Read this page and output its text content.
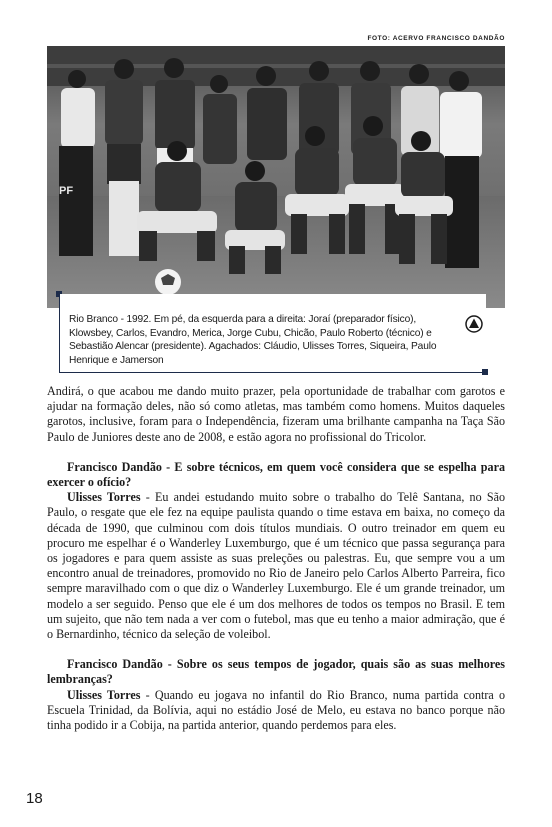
FOTO: ACERVO FRANCISCO DANDÃO
PF
Rio Branco - 1992. Em pé, da esquerda para a direita: Joraí (preparador físico), Klowsbey, Carlos, Evandro, Merica, Jorge Cubu, Chicão, Paulo Roberto (técnico) e Sebastião Alencar (presidente). Agachados: Cláudio, Ulisses Torres, Siqueira, Paulo Henrique e Jamerson

Andirá, o que acabou me dando muito prazer, pela oportunidade de trabalhar com garotos e ajudar na formação deles, não só como atletas, mas também como homens. Muitos daqueles garotos, inclusive, foram para o Independência, fizeram uma brilhante campanha na Taça São Paulo de Juniores deste ano de 2008, e estão agora no profissional do Tricolor.

Francisco Dandão - E sobre técnicos, em quem você considera que se espelha para exercer o ofício?

Ulisses Torres - Eu andei estudando muito sobre o trabalho do Telê Santana, no São Paulo, o resgate que ele fez na equipe paulista quando o time estava em baixa, no começo da década de 1990, que culminou com dois títulos mundiais. O outro treinador em quem eu procuro me espelhar é o Wanderley Luxemburgo, que é um técnico que passa segurança para os jogadores e para quem assiste as suas preleções ou palestras. Eu, que sempre vou a um encontro anual de treinadores, promovido no Rio de Janeiro pelo Carlos Alberto Parreira, fico sempre maravilhado com o que diz o Wanderley Luxemburgo. Ele é um grande treinador, um modelo a ser seguido. Penso que ele é um dos melhores de todos os tempos no Brasil. E tem um sujeito, que não tem nada a ver com o futebol, mas que eu tenho a maior admiração, que é o Bernardinho, técnico da seleção de voleibol.

Francisco Dandão - Sobre os seus tempos de jogador, quais são as suas melhores lembranças?

Ulisses Torres - Quando eu jogava no infantil do Rio Branco, numa partida contra o Escuela Trinidad, da Bolívia, aqui no estádio José de Melo, eu estava no banco porque não tinha podido ir a Cobija, na partida anterior, quando perdemos para eles.

18
